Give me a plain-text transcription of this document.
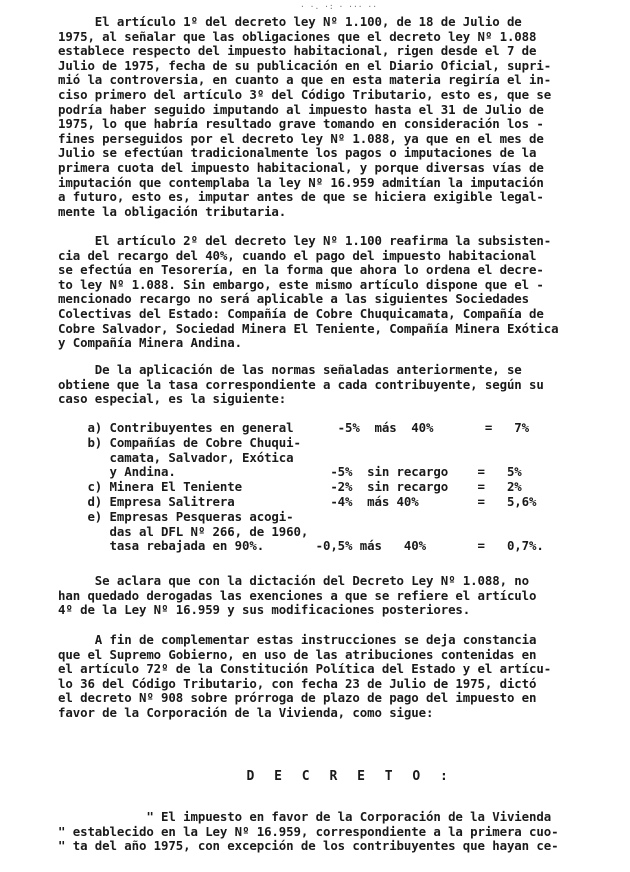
· ·. ·: · ··· ··
El artículo 1º del decreto ley Nº 1.100, de 18 de Julio de
1975, al señalar que las obligaciones que el decreto ley Nº 1.088
establece respecto del impuesto habitacional, rigen desde el 7 de
Julio de 1975, fecha de su publicación en el Diario Oficial, supri-
mió la controversia, en cuanto a que en esta materia regiría el in-
ciso primero del artículo 3º del Código Tributario, esto es, que se
podría haber seguido imputando al impuesto hasta el 31 de Julio de
1975, lo que habría resultado grave tomando en consideración los -
fines perseguidos por el decreto ley Nº 1.088, ya que en el mes de
Julio se efectúan tradicionalmente los pagos o imputaciones de la
primera cuota del impuesto habitacional, y porque diversas vías de
imputación que contemplaba la ley Nº 16.959 admitían la imputación
a futuro, esto es, imputar antes de que se hiciera exigible legal-
mente la obligación tributaria.
El artículo 2º del decreto ley Nº 1.100 reafirma la subsisten-
cia del recargo del 40%, cuando el pago del impuesto habitacional
se efectúa en Tesorería, en la forma que ahora lo ordena el decre-
to ley Nº 1.088. Sin embargo, este mismo artículo dispone que el -
mencionado recargo no será aplicable a las siguientes Sociedades
Colectivas del Estado: Compañía de Cobre Chuquicamata, Compañía de
Cobre Salvador, Sociedad Minera El Teniente, Compañía Minera Exótica
y Compañía Minera Andina.
De la aplicación de las normas señaladas anteriormente, se
obtiene que la tasa correspondiente a cada contribuyente, según su
caso especial, es la siguiente:
a) Contribuyentes en general      -5%  más  40%       =   7%
b) Compañías de Cobre Chuqui-
camata, Salvador, Exótica
y Andina.                     -5%  sin recargo    =   5%
c) Minera El Teniente            -2%  sin recargo    =   2%
d) Empresa Salitrera             -4%  más 40%        =   5,6%
e) Empresas Pesqueras acogi-
das al DFL Nº 266, de 1960,
tasa rebajada en 90%.       -0,5% más   40%       =   0,7%.
Se aclara que con la dictación del Decreto Ley Nº 1.088, no
han quedado derogadas las exenciones a que se refiere el artículo
4º de la Ley Nº 16.959 y sus modificaciones posteriores.
A fin de complementar estas instrucciones se deja constancia
que el Supremo Gobierno, en uso de las atribuciones contenidas en
el artículo 72º de la Constitución Política del Estado y el artícu-
lo 36 del Código Tributario, con fecha 23 de Julio de 1975, dictó
el decreto Nº 908 sobre prórroga de plazo de pago del impuesto en
favor de la Corporación de la Vivienda, como sigue:
D E C R E T O :
" El impuesto en favor de la Corporación de la Vivienda
" establecido en la Ley Nº 16.959, correspondiente a la primera cuo-
" ta del año 1975, con excepción de los contribuyentes que hayan ce-
